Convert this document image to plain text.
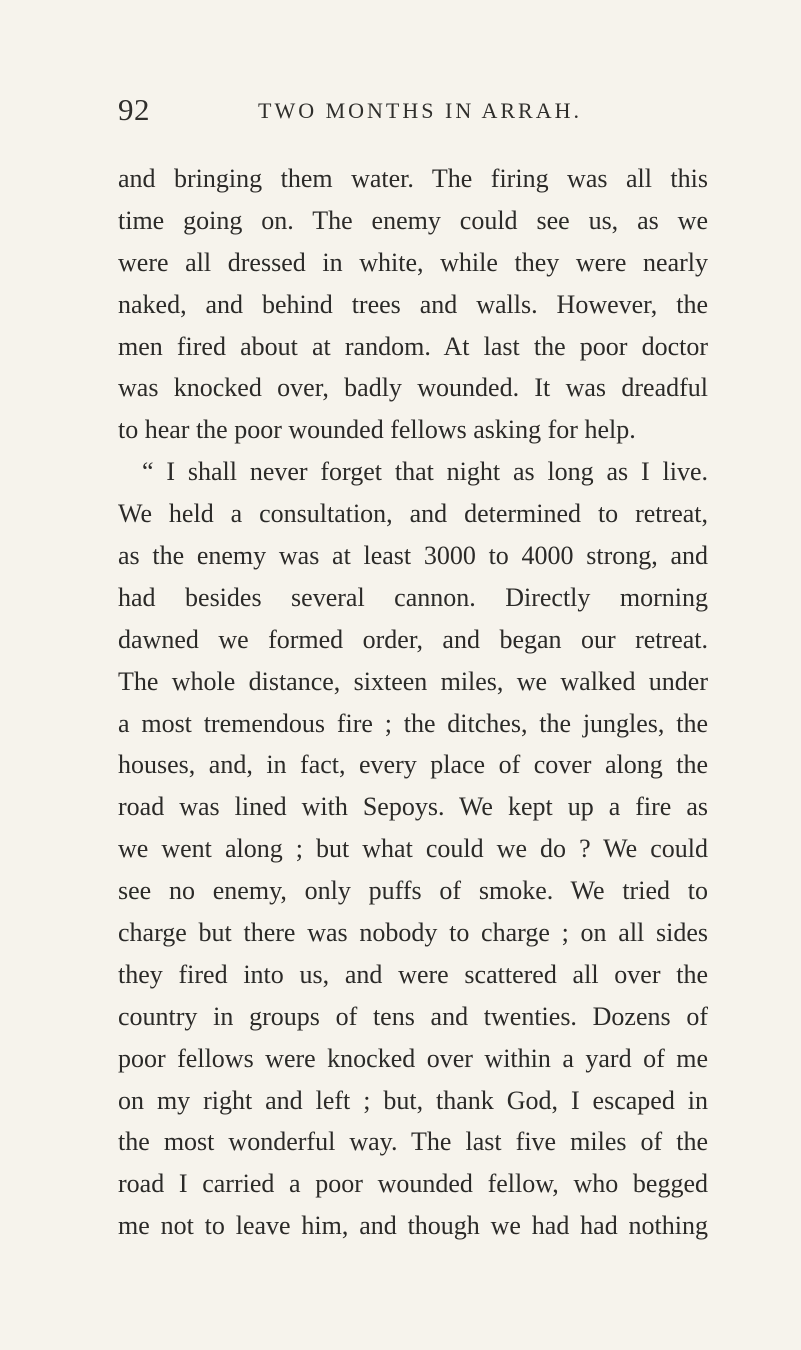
92	TWO MONTHS IN ARRAH.
and bringing them water. The firing was all this
time going on. The enemy could see us, as we
were all dressed in white, while they were nearly
naked, and behind trees and walls. However, the
men fired about at random. At last the poor doctor
was knocked over, badly wounded. It was dreadful
to hear the poor wounded fellows asking for help.
“ I shall never forget that night as long as I live.
We held a consultation, and determined to retreat,
as the enemy was at least 3000 to 4000 strong, and
had besides several cannon. Directly morning
dawned we formed order, and began our retreat.
The whole distance, sixteen miles, we walked under
a most tremendous fire ; the ditches, the jungles, the
houses, and, in fact, every place of cover along the
road was lined with Sepoys. We kept up a fire as
we went along ; but what could we do ? We could
see no enemy, only puffs of smoke. We tried to
charge but there was nobody to charge ; on all sides
they fired into us, and were scattered all over the
country in groups of tens and twenties. Dozens of
poor fellows were knocked over within a yard of me
on my right and left ; but, thank God, I escaped in
the most wonderful way. The last five miles of the
road I carried a poor wounded fellow, who begged
me not to leave him, and though we had had nothing
